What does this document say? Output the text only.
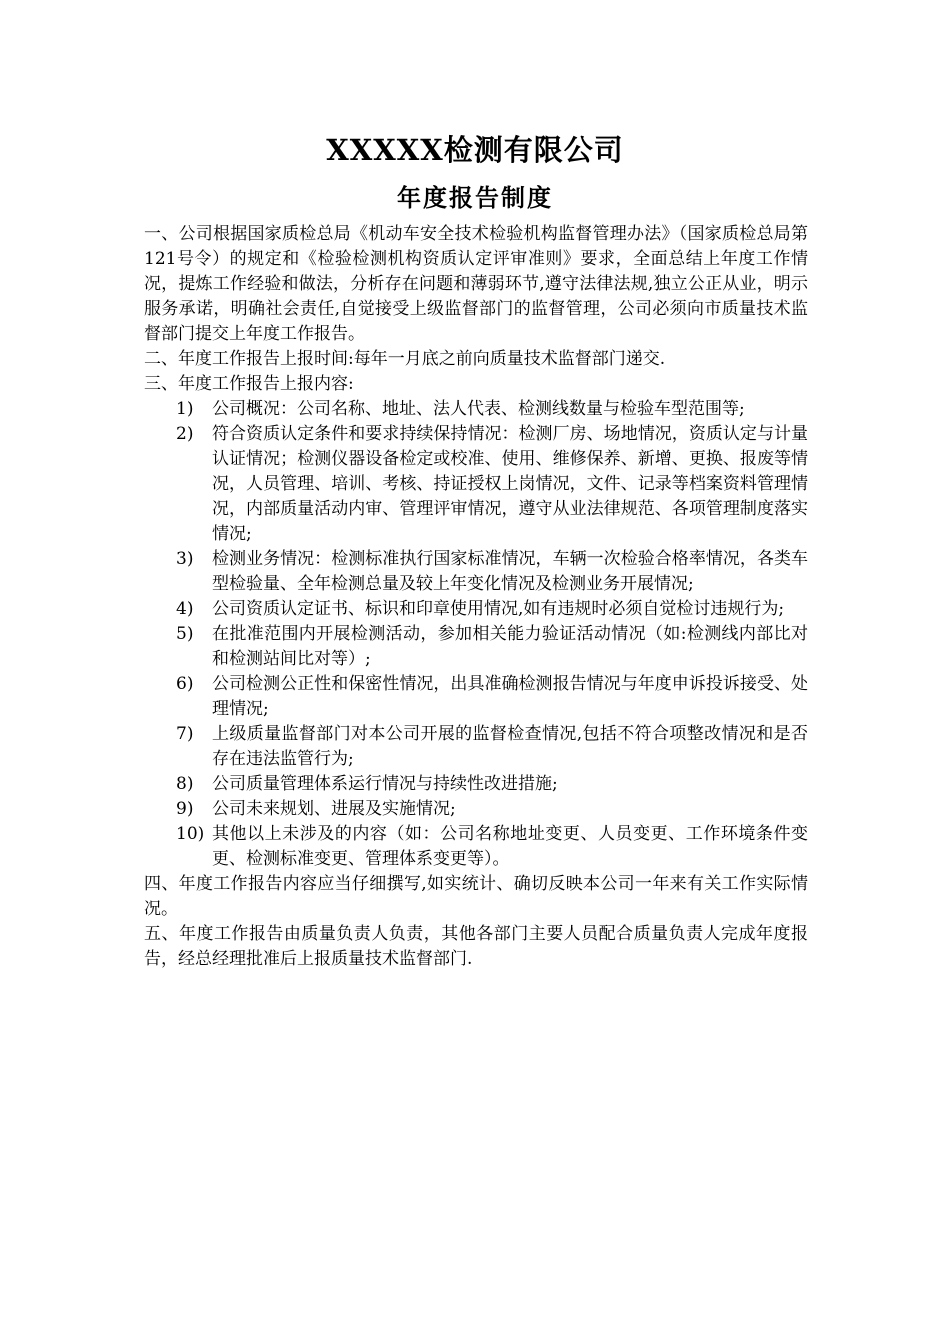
XXXXX检测有限公司
年度报告制度

一、公司根据国家质检总局《机动车安全技术检验机构监督管理办法》（国家质检总局第121号令）的规定和《检验检测机构资质认定评审准则》要求，全面总结上年度工作情况，提炼工作经验和做法，分析存在问题和薄弱环节,遵守法律法规,独立公正从业，明示服务承诺，明确社会责任,自觉接受上级监督部门的监督管理，公司必须向市质量技术监督部门提交上年度工作报告。

二、年度工作报告上报时间:每年一月底之前向质量技术监督部门递交.

三、年度工作报告上报内容:

1)	公司概况：公司名称、地址、法人代表、检测线数量与检验车型范围等;
2)	符合资质认定条件和要求持续保持情况：检测厂房、场地情况，资质认定与计量认证情况；检测仪器设备检定或校准、使用、维修保养、新增、更换、报废等情况，人员管理、培训、考核、持证授权上岗情况，文件、记录等档案资料管理情况，内部质量活动内审、管理评审情况，遵守从业法律规范、各项管理制度落实情况;
3)	检测业务情况：检测标准执行国家标准情况，车辆一次检验合格率情况，各类车型检验量、全年检测总量及较上年变化情况及检测业务开展情况;
4)	公司资质认定证书、标识和印章使用情况,如有违规时必须自觉检讨违规行为;
5)	在批准范围内开展检测活动，参加相关能力验证活动情况（如:检测线内部比对和检测站间比对等）;
6)	公司检测公正性和保密性情况，出具准确检测报告情况与年度申诉投诉接受、处理情况;
7)	上级质量监督部门对本公司开展的监督检查情况,包括不符合项整改情况和是否存在违法监管行为;
8)	公司质量管理体系运行情况与持续性改进措施;
9)	公司未来规划、进展及实施情况;
10) 其他以上未涉及的内容（如：公司名称地址变更、人员变更、工作环境条件变更、检测标准变更、管理体系变更等）。

四、年度工作报告内容应当仔细撰写,如实统计、确切反映本公司一年来有关工作实际情况。

五、年度工作报告由质量负责人负责，其他各部门主要人员配合质量负责人完成年度报告，经总经理批准后上报质量技术监督部门.
